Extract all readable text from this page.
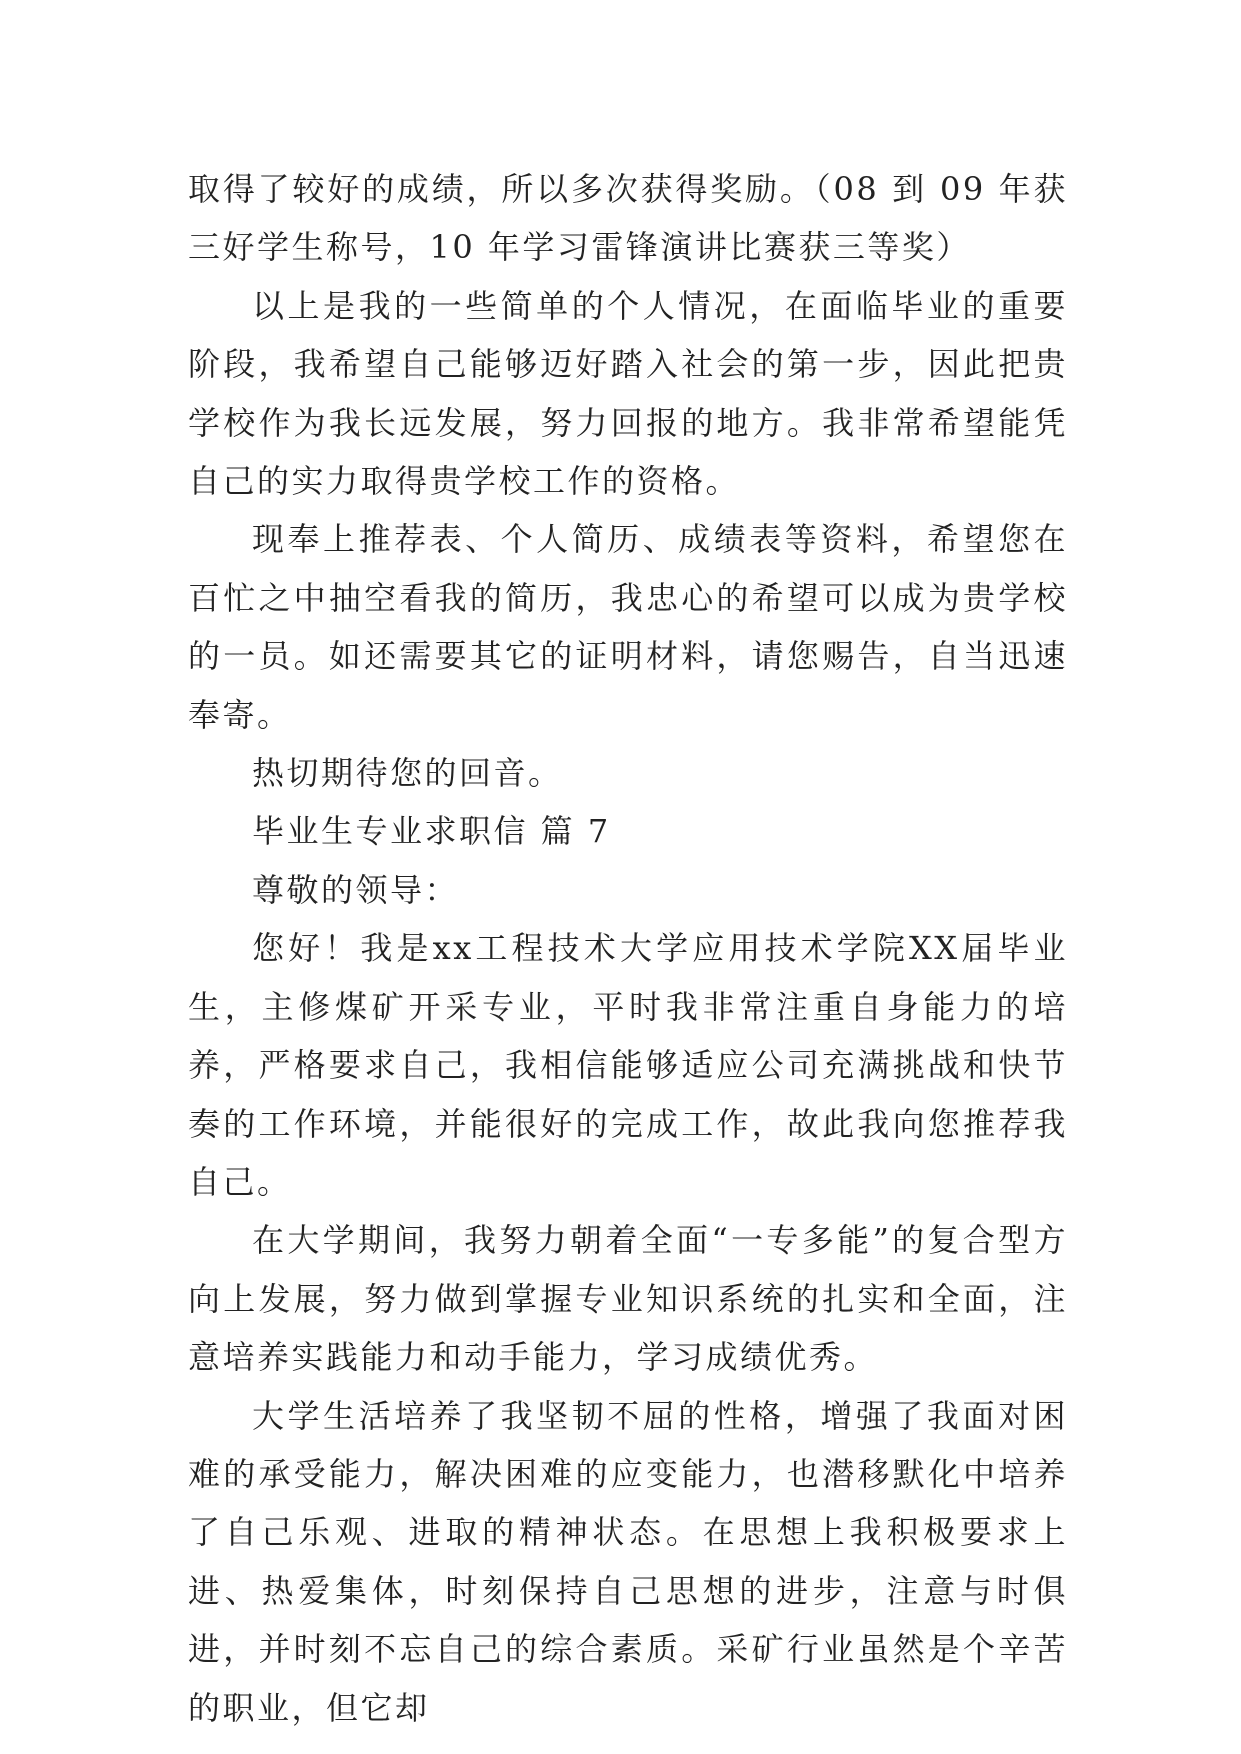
取得了较好的成绩，所以多次获得奖励。（08 到 09 年获三好学生称号，10 年学习雷锋演讲比赛获三等奖）

以上是我的一些简单的个人情况，在面临毕业的重要阶段，我希望自己能够迈好踏入社会的第一步，因此把贵学校作为我长远发展，努力回报的地方。我非常希望能凭自己的实力取得贵学校工作的资格。

现奉上推荐表、个人简历、成绩表等资料，希望您在百忙之中抽空看我的简历，我忠心的希望可以成为贵学校的一员。如还需要其它的证明材料，请您赐告，自当迅速奉寄。

热切期待您的回音。

毕业生专业求职信 篇 7

尊敬的领导：

您好！我是xx工程技术大学应用技术学院XX届毕业生，主修煤矿开采专业，平时我非常注重自身能力的培养，严格要求自己，我相信能够适应公司充满挑战和快节奏的工作环境，并能很好的完成工作，故此我向您推荐我自己。

在大学期间，我努力朝着全面“一专多能”的复合型方向上发展，努力做到掌握专业知识系统的扎实和全面，注意培养实践能力和动手能力，学习成绩优秀。

大学生活培养了我坚韧不屈的性格，增强了我面对困难的承受能力，解决困难的应变能力，也潜移默化中培养了自己乐观、进取的精神状态。在思想上我积极要求上进、热爱集体，时刻保持自己思想的进步，注意与时俱进，并时刻不忘自己的综合素质。采矿行业虽然是个辛苦的职业，但它却
